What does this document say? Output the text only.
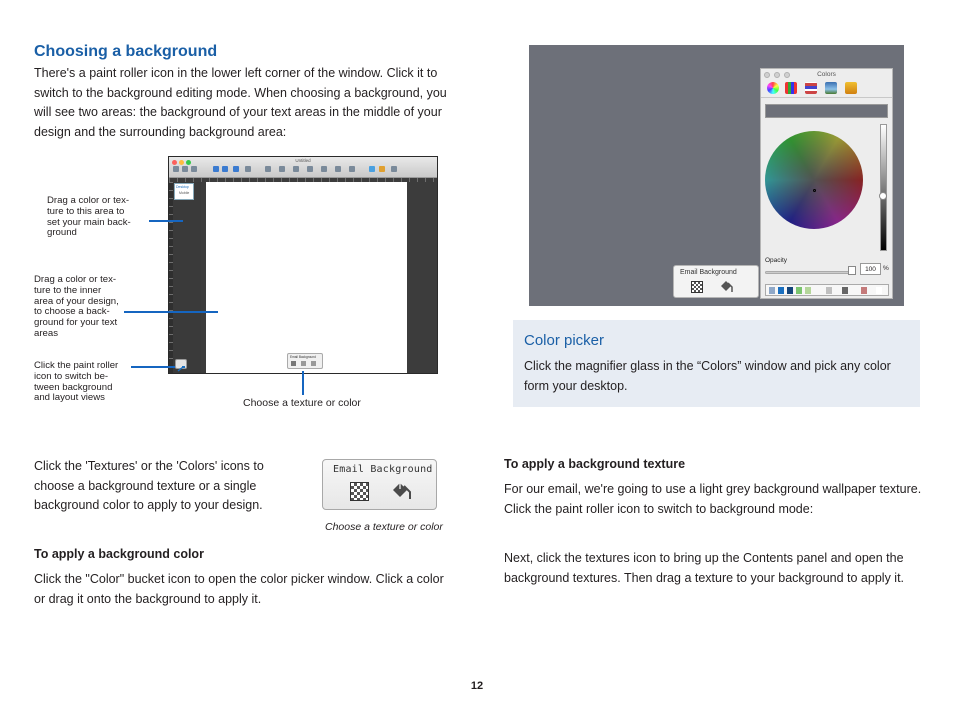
Choosing a background

There's a paint roller icon in the lower left corner of the window. Click it to switch to the background editing mode. When choosing a background, you will see two areas: the background of your text areas in the middle of your design and the surrounding background area:

Untitled
Desktop
Mobile
Email Background
Drag a color or tex-
ture to this area to
set your main back-
ground
Drag a color or tex-
ture to the inner
area of your design,
to choose a back-
ground for your text
areas
Click the paint roller
icon to switch be-
tween background
and layout views	Choose a texture or color
Colors
Opacity
100	%
Email Background
Color picker
Click the magnifier glass in the “Colors” window and pick any color form your desktop.

Click the 'Textures' or the 'Colors' icons to choose a background texture or a single background color to apply to your design.

Email Background
Choose a texture or color
To apply a background color

Click the "Color" bucket icon to open the color picker window. Click a color or drag it onto the background to apply it.

To apply a background texture

For our email, we're going to use a light grey background wallpaper texture. Click the paint roller icon to switch to background mode:

Next, click the textures icon to bring up the Contents panel and open the background textures. Then drag a texture to your background to apply it.

12
